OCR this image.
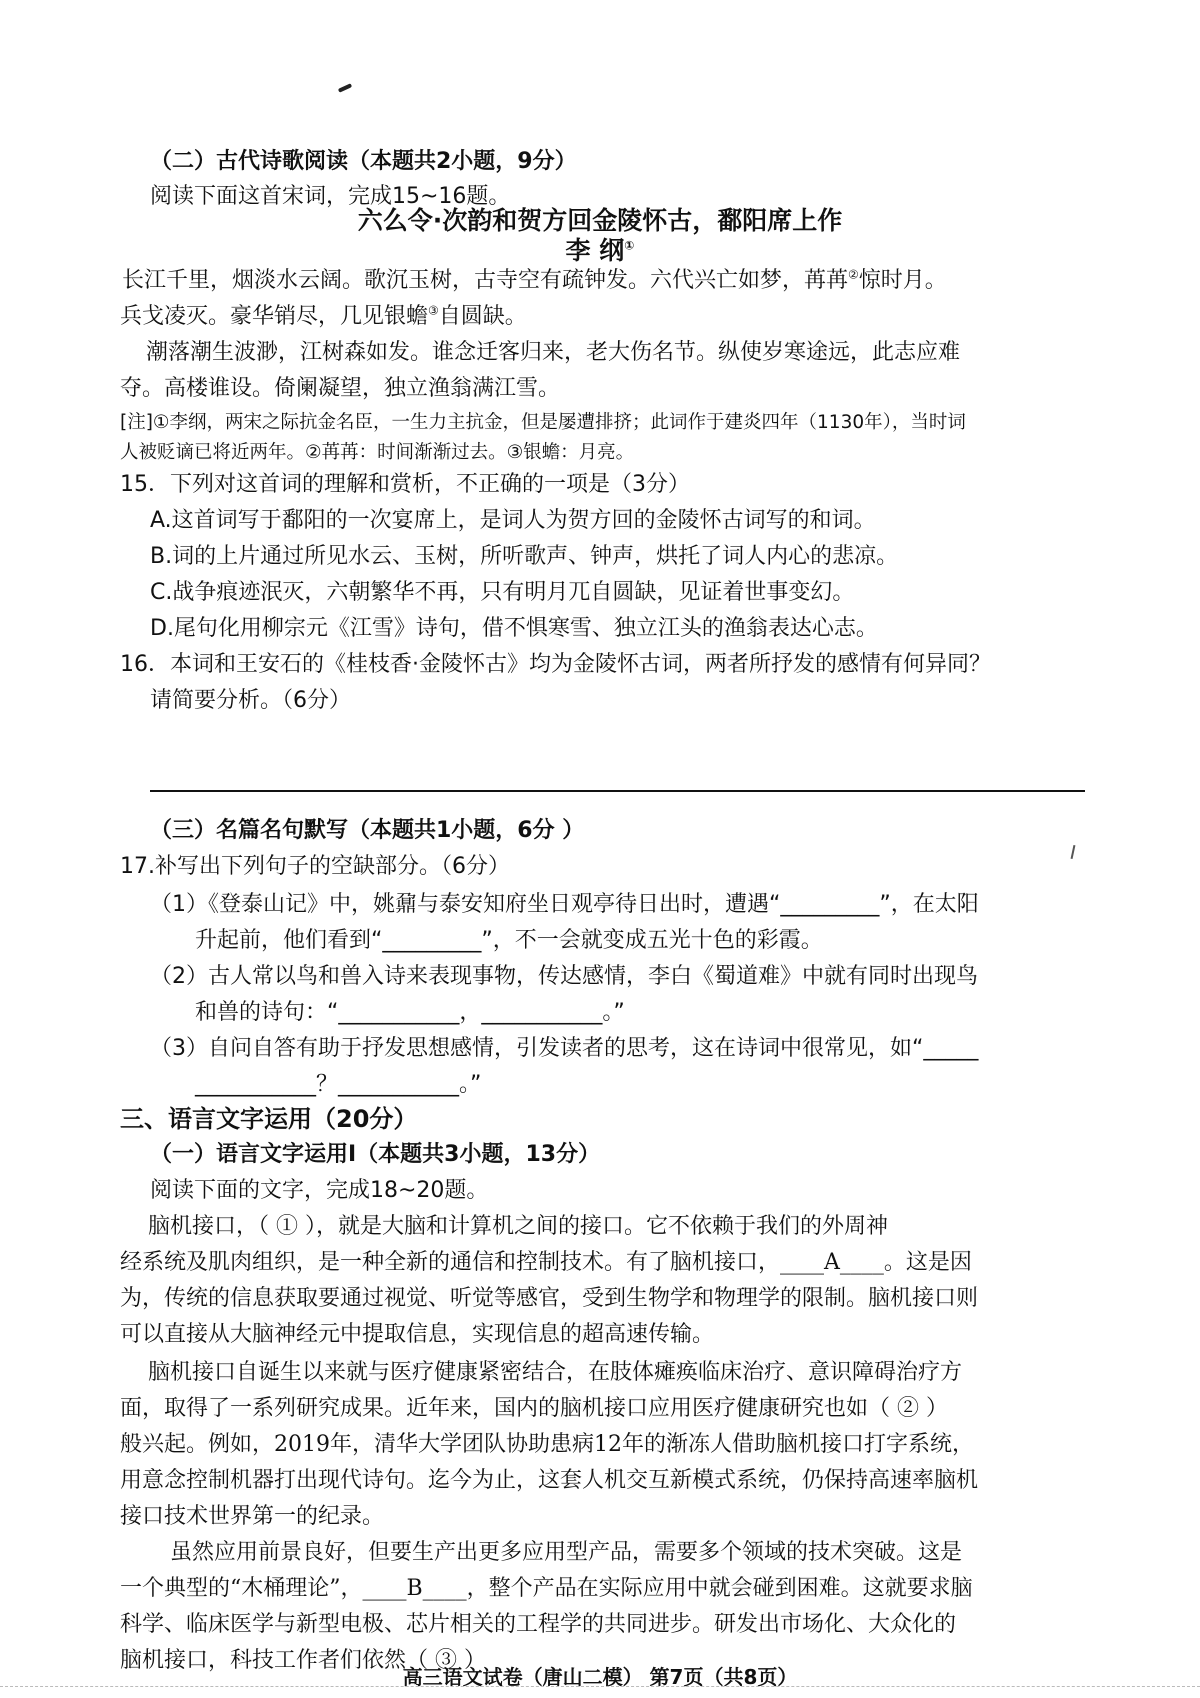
（二）古代诗歌阅读（本题共2小题，9分）
阅读下面这首宋词，完成15~16题。
六么令·次韵和贺方回金陵怀古，鄱阳席上作
李 纲①
长江千里，烟淡水云阔。歌沉玉树，古寺空有疏钟发。六代兴亡如梦，苒苒②惊时月。
兵戈凌灭。豪华销尽，几见银蟾③自圆缺。
潮落潮生波渺，江树森如发。谁念迁客归来，老大伤名节。纵使岁寒途远，此志应难
夺。高楼谁设。倚阑凝望，独立渔翁满江雪。
[注]①李纲，两宋之际抗金名臣，一生力主抗金，但是屡遭排挤；此词作于建炎四年（1130年），当时词
人被贬谪已将近两年。②苒苒：时间渐渐过去。③银蟾：月亮。
15．下列对这首词的理解和赏析，不正确的一项是（3分）
A.这首词写于鄱阳的一次宴席上，是词人为贺方回的金陵怀古词写的和词。
B.词的上片通过所见水云、玉树，所听歌声、钟声，烘托了词人内心的悲凉。
C.战争痕迹泯灭，六朝繁华不再，只有明月兀自圆缺，见证着世事变幻。
D.尾句化用柳宗元《江雪》诗句，借不惧寒雪、独立江头的渔翁表达心志。
16．本词和王安石的《桂枝香·金陵怀古》均为金陵怀古词，两者所抒发的感情有何异同？
请简要分析。（6分）
（三）名篇名句默写（本题共1小题，6分 ）
17.补写出下列句子的空缺部分。（6分）
（1）《登泰山记》中，姚鼐与泰安知府坐日观亭待日出时，遭遇“_________”，在太阳
升起前，他们看到“_________”，不一会就变成五光十色的彩霞。
（2）古人常以鸟和兽入诗来表现事物，传达感情，李白《蜀道难》中就有同时出现鸟
和兽的诗句：“___________，___________。”
（3）自问自答有助于抒发思想感情，引发读者的思考，这在诗词中很常见，如“_____
___________？___________。”
三、语言文字运用（20分）
（一）语言文字运用Ⅰ（本题共3小题，13分）
阅读下面的文字，完成18~20题。
脑机接口，（ ① ），就是大脑和计算机之间的接口。它不依赖于我们的外周神
经系统及肌肉组织，是一种全新的通信和控制技术。有了脑机接口，____A____。这是因
为，传统的信息获取要通过视觉、听觉等感官，受到生物学和物理学的限制。脑机接口则
可以直接从大脑神经元中提取信息，实现信息的超高速传输。
脑机接口自诞生以来就与医疗健康紧密结合，在肢体瘫痪临床治疗、意识障碍治疗方
面，取得了一系列研究成果。近年来，国内的脑机接口应用医疗健康研究也如（ ② ）
般兴起。例如，2019年，清华大学团队协助患病12年的渐冻人借助脑机接口打字系统，
用意念控制机器打出现代诗句。迄今为止，这套人机交互新模式系统，仍保持高速率脑机
接口技术世界第一的纪录。
虽然应用前景良好，但要生产出更多应用型产品，需要多个领域的技术突破。这是
一个典型的“木桶理论”，____B____，整个产品在实际应用中就会碰到困难。这就要求脑
科学、临床医学与新型电极、芯片相关的工程学的共同进步。研发出市场化、大众化的
脑机接口，科技工作者们依然（ ③ ）
高三语文试卷（唐山二模） 第7页（共8页）
